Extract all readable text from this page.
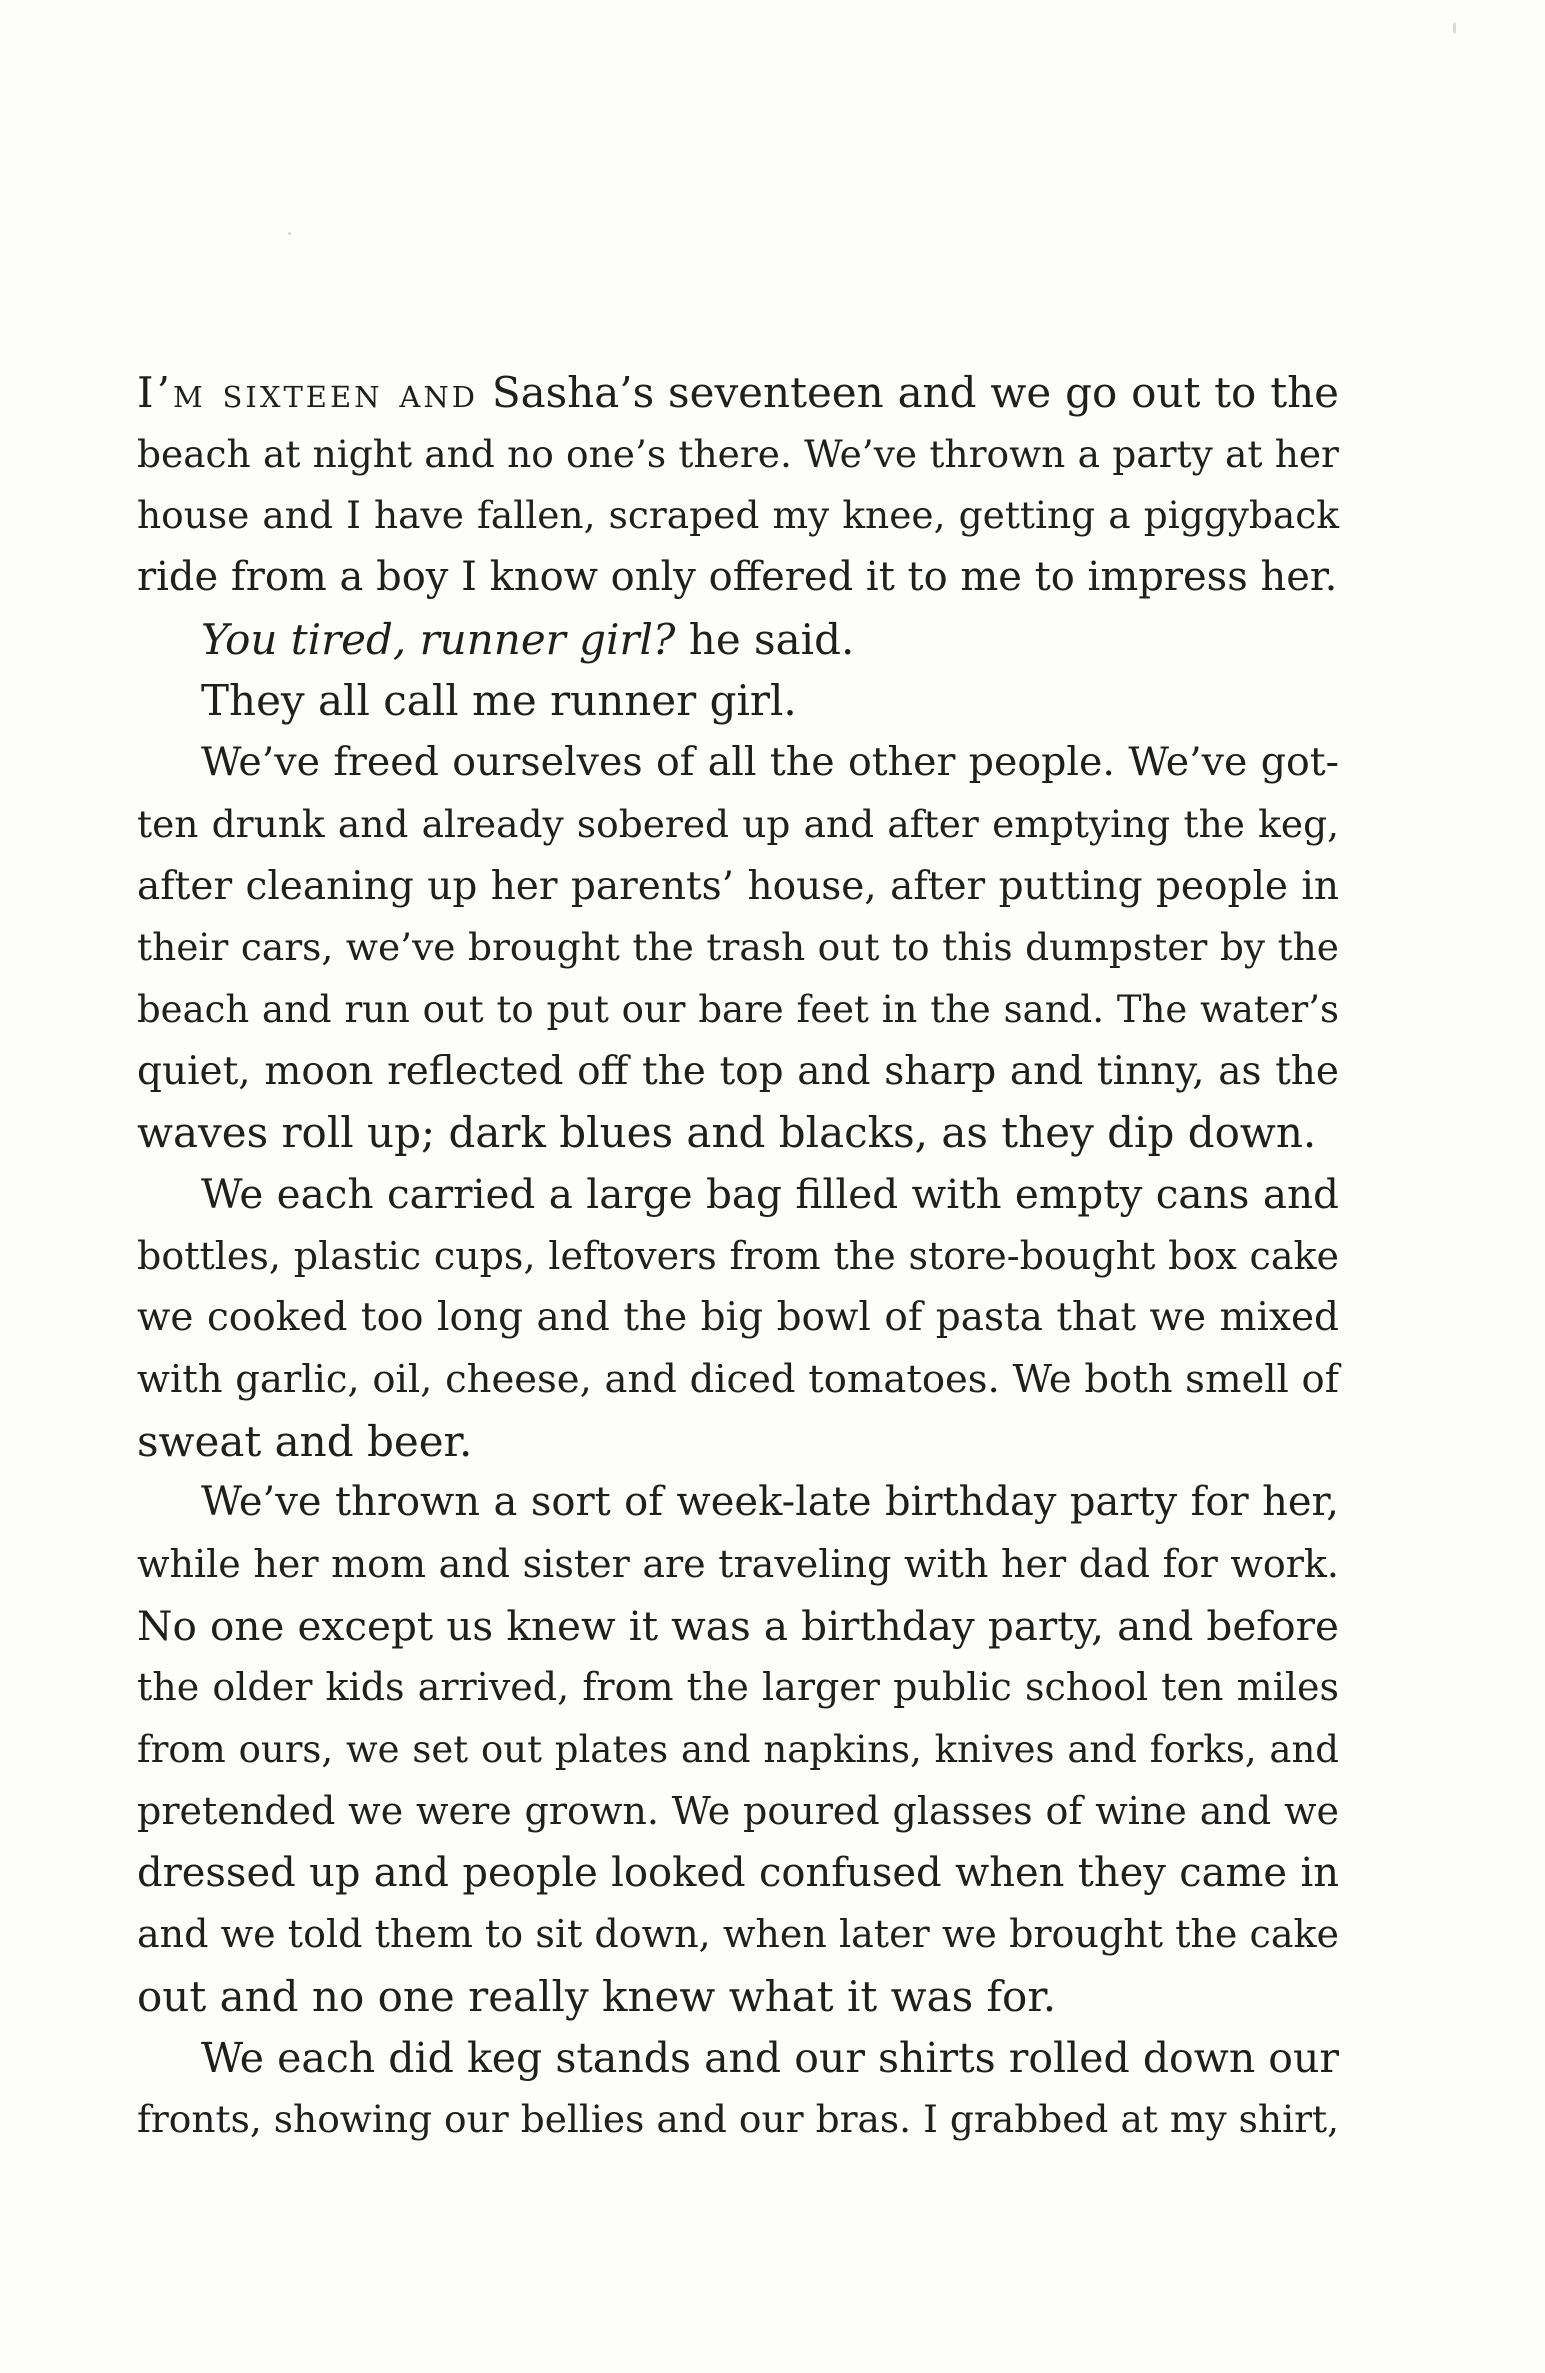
I’m sixteen and Sasha’s seventeen and we go out to the
beach at night and no one’s there. We’ve thrown a party at her
house and I have fallen, scraped my knee, getting a piggyback
ride from a boy I know only offered it to me to impress her.
You tired, runner girl? he said.
They all call me runner girl.
We’ve freed ourselves of all the other people. We’ve got-
ten drunk and already sobered up and after emptying the keg,
after cleaning up her parents’ house, after putting people in
their cars, we’ve brought the trash out to this dumpster by the
beach and run out to put our bare feet in the sand. The water’s
quiet, moon reflected off the top and sharp and tinny, as the
waves roll up; dark blues and blacks, as they dip down.
We each carried a large bag filled with empty cans and
bottles, plastic cups, leftovers from the store-bought box cake
we cooked too long and the big bowl of pasta that we mixed
with garlic, oil, cheese, and diced tomatoes. We both smell of
sweat and beer.
We’ve thrown a sort of week-late birthday party for her,
while her mom and sister are traveling with her dad for work.
No one except us knew it was a birthday party, and before
the older kids arrived, from the larger public school ten miles
from ours, we set out plates and napkins, knives and forks, and
pretended we were grown. We poured glasses of wine and we
dressed up and people looked confused when they came in
and we told them to sit down, when later we brought the cake
out and no one really knew what it was for.
We each did keg stands and our shirts rolled down our
fronts, showing our bellies and our bras. I grabbed at my shirt,
